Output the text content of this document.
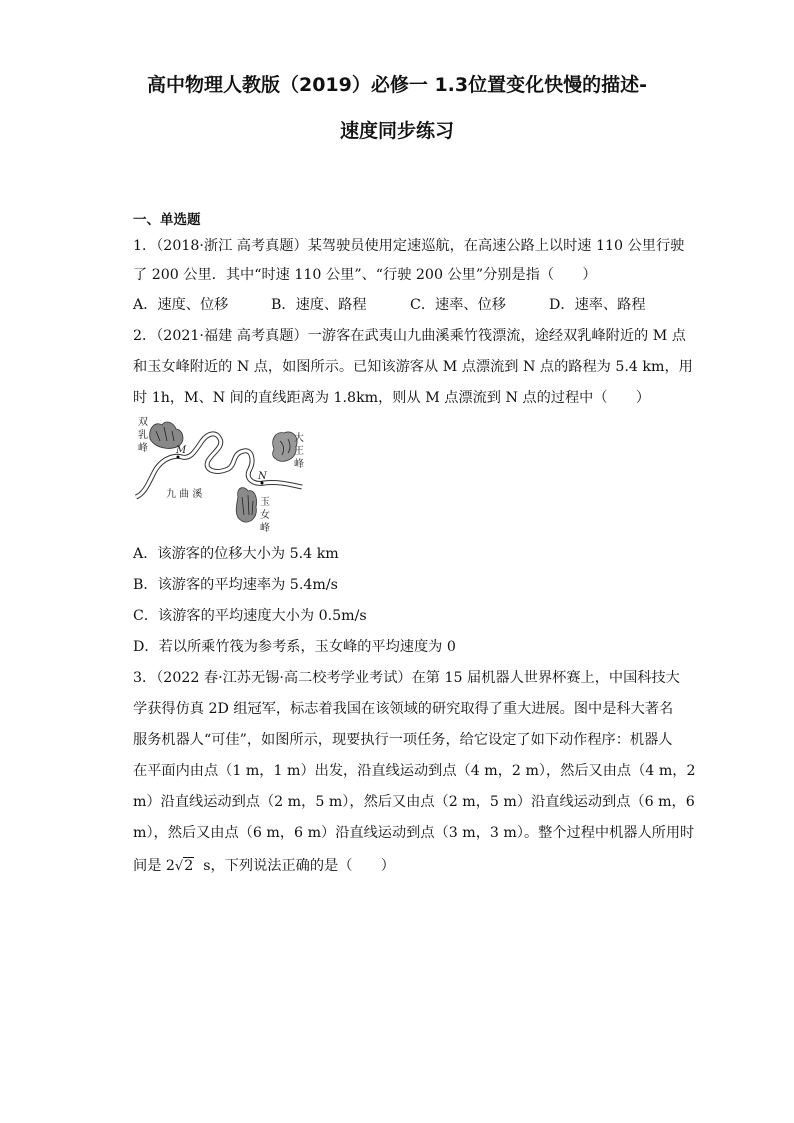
高中物理人教版（2019）必修一 1.3位置变化快慢的描述-
速度同步练习
一、单选题
1．（2018·浙江 高考真题）某驾驶员使用定速巡航，在高速公路上以时速 110 公里行驶
了 200 公里．其中“时速 110 公里”、“行驶 200 公里”分别是指（　　）
A．速度、位移	B．速度、路程	C．速率、位移	D．速率、路程
2．（2021·福建 高考真题）一游客在武夷山九曲溪乘竹筏漂流，途经双乳峰附近的 M 点
和玉女峰附近的 N 点，如图所示。已知该游客从 M 点漂流到 N 点的路程为 5.4 km，用
时 1h，M、N 间的直线距离为 1.8km，则从 M 点漂流到 N 点的过程中（　　）
双
乳
峰
大
王
峰
玉
女
峰
九 曲 溪
M
N
A．该游客的位移大小为 5.4 km
B．该游客的平均速率为 5.4m/s
C．该游客的平均速度大小为 0.5m/s
D．若以所乘竹筏为参考系，玉女峰的平均速度为 0
3．（2022 春·江苏无锡·高二校考学业考试）在第 15 届机器人世界杯赛上，中国科技大
学获得仿真 2D 组冠军，标志着我国在该领域的研究取得了重大进展。图中是科大著名
服务机器人“可佳”，如图所示，现要执行一项任务，给它设定了如下动作程序：机器人
在平面内由点（1 m，1 m）出发，沿直线运动到点（4 m，2 m），然后又由点（4 m，2
m）沿直线运动到点（2 m，5 m），然后又由点（2 m，5 m）沿直线运动到点（6 m，6
m），然后又由点（6 m，6 m）沿直线运动到点（3 m，3 m）。整个过程中机器人所用时
间是 2√2  s，下列说法正确的是（　　）
